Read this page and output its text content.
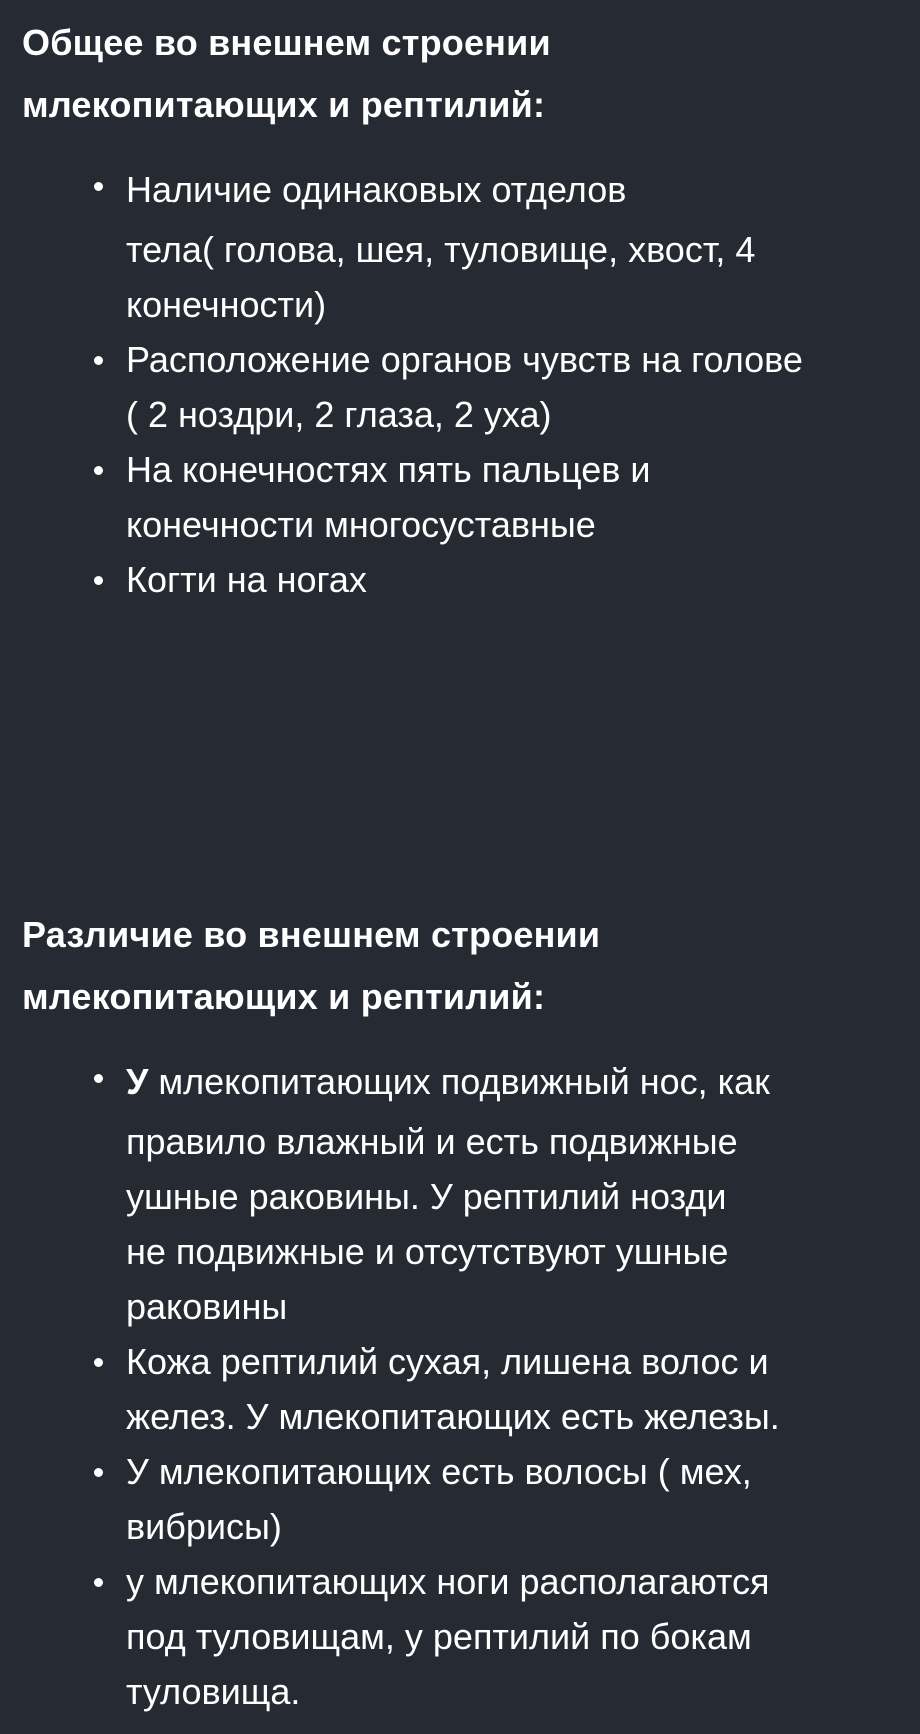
Общее во внешнем строении
млекопитающих и рептилий:
Наличие одинаковых отделов
тела( голова, шея, туловище, хвост, 4
конечности)
Расположение органов чувств на голове
( 2 ноздри, 2 глаза, 2 уха)
На конечностях пять пальцев и
конечности многосуставные
Когти на ногах
Различие во внешнем строении
млекопитающих и рептилий:
У млекопитающих подвижный нос, как
правило влажный и есть подвижные
ушные раковины. У рептилий нозди
не подвижные и отсутствуют ушные
раковины
Кожа рептилий сухая, лишена волос и
желез. У млекопитающих есть железы.
У млекопитающих есть волосы ( мех,
вибрисы)
у млекопитающих ноги располагаются
под туловищам, у рептилий по бокам
туловища.
